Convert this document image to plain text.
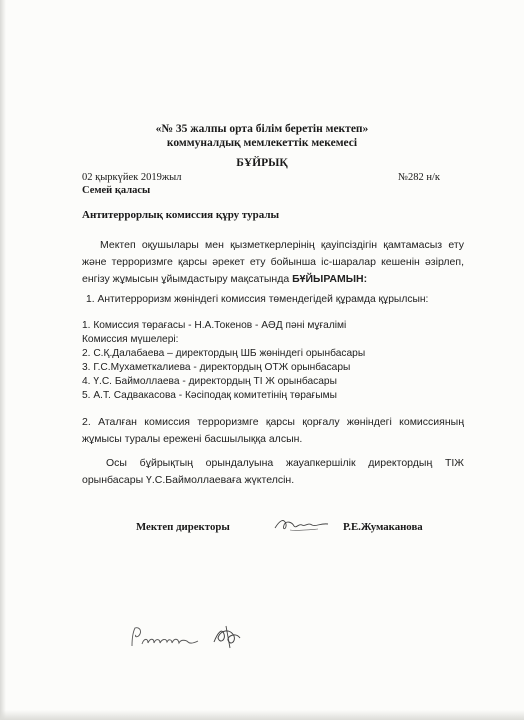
«№ 35 жалпы орта білім беретін мектеп»
коммуналдық мемлекеттік мекемесі
БҰЙРЫҚ
02 қыркүйек 2019жыл	№282 н/к
Семей қаласы
Антитеррорлық комиссия құру туралы
Мектеп оқушылары мен қызметкерлерінің қауіпсіздігін қамтамасыз ету және терроризмге қарсы әрекет ету бойынша іс-шаралар кешенін әзірлеп, енгізу жұмысын ұйымдастыру мақсатында БҰЙЫРАМЫН:
1. Антитерроризм жөніндегі комиссия төмендегідей құрамда құрылсын:
1. Комиссия төрағасы - Н.А.Токенов - АӘД пәні мұғалімі
Комиссия мүшелері:
2. С.Қ.Далабаева – директордың ШБ жөніндегі орынбасары
3. Г.С.Мухаметкалиева - директордың ОТЖ орынбасары
4. Ү.С. Баймоллаева - директордың ТІ Ж орынбасары
5. А.Т. Садвакасова - Кәсіподақ комитетінің төрағымы
2. Аталған комиссия терроризмге қарсы қорғалу жөніндегі комиссияның жұмысы туралы ережені басшылыққа алсын.
Осы бұйрықтың орындалуына жауапкершілік директордың ТІЖ орынбасары Ү.С.Баймоллаеваға жүктелсін.
Мектеп директоры	Р.Е.Жумаканова
